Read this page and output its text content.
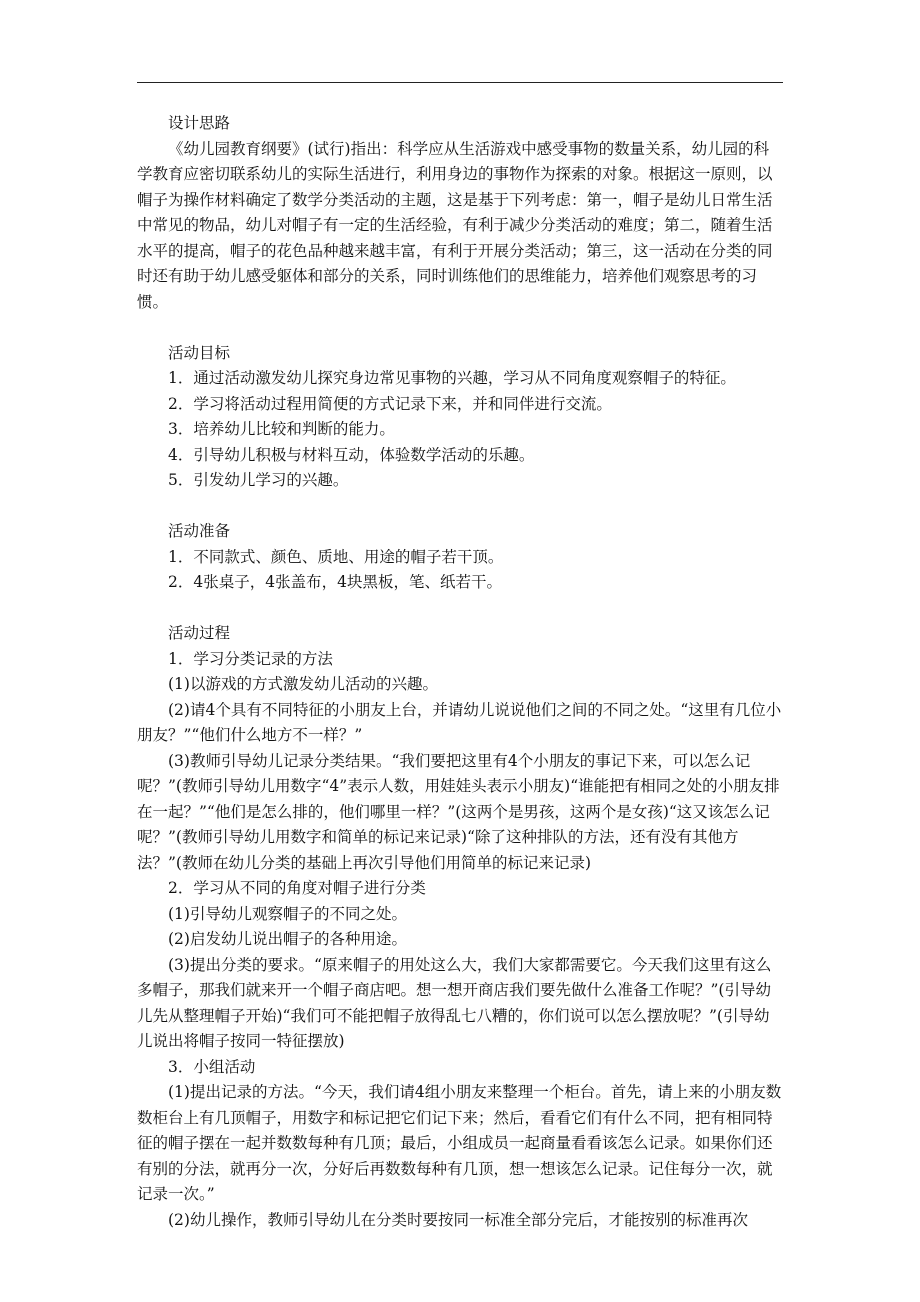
设计思路

《幼儿园教育纲要》(试行)指出：科学应从生活游戏中感受事物的数量关系，幼儿园的科学教育应密切联系幼儿的实际生活进行，利用身边的事物作为探索的对象。根据这一原则，以帽子为操作材料确定了数学分类活动的主题，这是基于下列考虑：第一，帽子是幼儿日常生活中常见的物品，幼儿对帽子有一定的生活经验，有利于减少分类活动的难度；第二，随着生活水平的提高，帽子的花色品种越来越丰富，有利于开展分类活动；第三，这一活动在分类的同时还有助于幼儿感受躯体和部分的关系，同时训练他们的思维能力，培养他们观察思考的习惯。

活动目标

1．通过活动激发幼儿探究身边常见事物的兴趣，学习从不同角度观察帽子的特征。

2．学习将活动过程用简便的方式记录下来，并和同伴进行交流。

3．培养幼儿比较和判断的能力。

4．引导幼儿积极与材料互动，体验数学活动的乐趣。

5．引发幼儿学习的兴趣。

活动准备

1．不同款式、颜色、质地、用途的帽子若干顶。

2．4张桌子，4张盖布，4块黑板，笔、纸若干。

活动过程

1．学习分类记录的方法

(1)以游戏的方式激发幼儿活动的兴趣。

(2)请4个具有不同特征的小朋友上台，并请幼儿说说他们之间的不同之处。“这里有几位小朋友？”“他们什么地方不一样？”

(3)教师引导幼儿记录分类结果。“我们要把这里有4个小朋友的事记下来，可以怎么记呢？”(教师引导幼儿用数字“4”表示人数，用娃娃头表示小朋友)“谁能把有相同之处的小朋友排在一起？”“他们是怎么排的，他们哪里一样？”(这两个是男孩，这两个是女孩)“这又该怎么记呢？”(教师引导幼儿用数字和简单的标记来记录)“除了这种排队的方法，还有没有其他方法？”(教师在幼儿分类的基础上再次引导他们用简单的标记来记录)

2．学习从不同的角度对帽子进行分类

(1)引导幼儿观察帽子的不同之处。

(2)启发幼儿说出帽子的各种用途。

(3)提出分类的要求。“原来帽子的用处这么大，我们大家都需要它。今天我们这里有这么多帽子，那我们就来开一个帽子商店吧。想一想开商店我们要先做什么准备工作呢？”(引导幼儿先从整理帽子开始)“我们可不能把帽子放得乱七八糟的，你们说可以怎么摆放呢？”(引导幼儿说出将帽子按同一特征摆放)

3．小组活动

(1)提出记录的方法。“今天，我们请4组小朋友来整理一个柜台。首先，请上来的小朋友数数柜台上有几顶帽子，用数字和标记把它们记下来；然后，看看它们有什么不同，把有相同特征的帽子摆在一起并数数每种有几顶；最后，小组成员一起商量看看该怎么记录。如果你们还有别的分法，就再分一次，分好后再数数每种有几顶，想一想该怎么记录。记住每分一次，就记录一次。”

(2)幼儿操作，教师引导幼儿在分类时要按同一标准全部分完后，才能按别的标准再次
